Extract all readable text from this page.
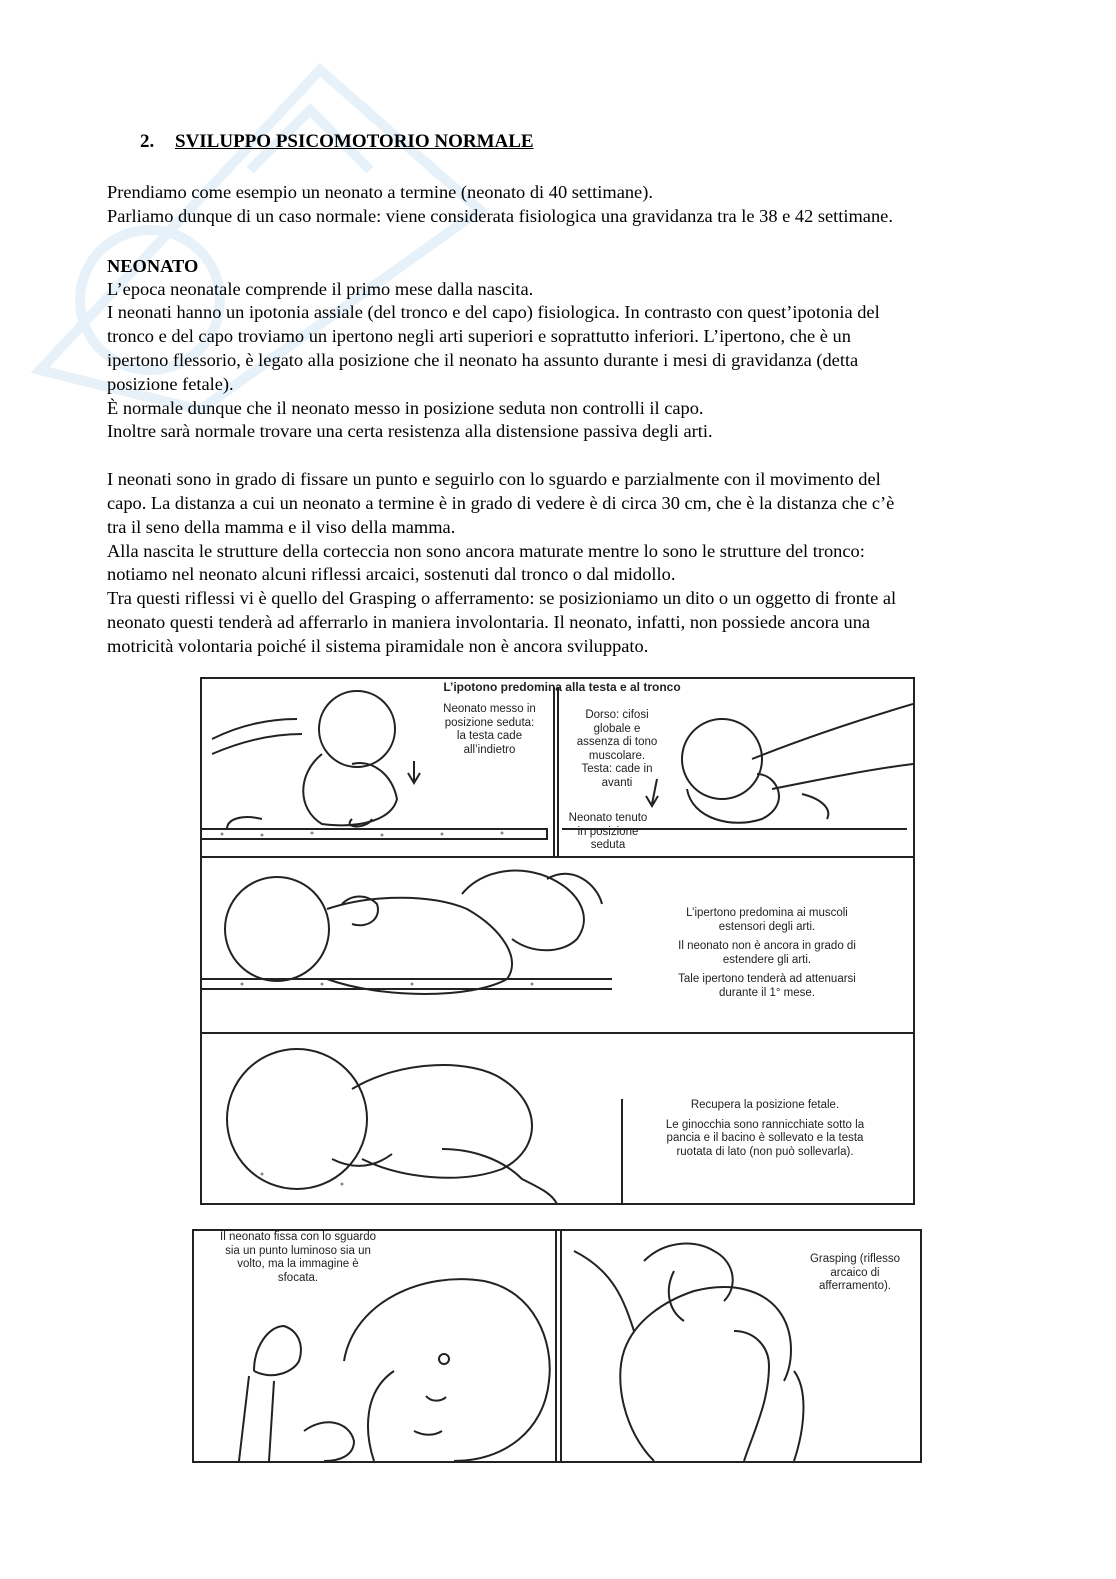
2. SVILUPPO PSICOMOTORIO NORMALE

Prendiamo come esempio un neonato a termine (neonato di 40 settimane).

Parliamo dunque di un caso normale: viene considerata fisiologica una gravidanza tra le 38 e 42 settimane.

NEONATO

L’epoca neonatale comprende il primo mese dalla nascita.

I neonati hanno un ipotonia assiale (del tronco e del capo) fisiologica. In contrasto con quest’ipotonia del

tronco e del capo troviamo un ipertono negli arti superiori e soprattutto inferiori. L’ipertono, che è un

ipertono flessorio, è legato alla posizione che il neonato ha assunto durante i mesi di gravidanza (detta

posizione fetale).

È normale dunque che il neonato messo in posizione seduta non controlli il capo.

Inoltre sarà normale trovare una certa resistenza alla distensione passiva degli arti.

I neonati sono in grado di fissare un punto e seguirlo con lo sguardo e parzialmente con il movimento del

capo. La distanza a cui un neonato a termine è in grado di vedere è di circa 30 cm, che è la distanza che c’è

tra il seno della mamma e il viso della mamma.

Alla nascita le strutture della corteccia non sono ancora maturate mentre lo sono le strutture del tronco:

notiamo nel neonato alcuni riflessi arcaici, sostenuti dal tronco o dal midollo.

Tra questi riflessi vi è quello del Grasping o afferramento: se posizioniamo un dito o un oggetto di fronte al

neonato questi tenderà ad afferrarlo in maniera involontaria. Il neonato, infatti, non possiede ancora una

motricità volontaria poiché il sistema piramidale non è ancora sviluppato.

L’ipotono predomina alla testa e al tronco
Neonato messo in
posizione seduta:
la testa cade
all’indietro
Dorso: cifosi
globale e
assenza di tono
muscolare.
Testa: cade in
avanti
Neonato tenuto
in posizione
seduta
L’ipertono predomina ai muscoli
estensori degli arti.
Il neonato non è ancora in grado di
estendere gli arti.
Tale ipertono tenderà ad attenuarsi
durante il 1° mese.
Recupera la posizione fetale.
Le ginocchia sono rannicchiate sotto la
pancia e il bacino è sollevato e la testa
ruotata di lato (non può sollevarla).
Il neonato fissa con lo sguardo
sia un punto luminoso sia un
volto, ma la immagine è
sfocata.
Grasping (riflesso
arcaico di
afferramento).
